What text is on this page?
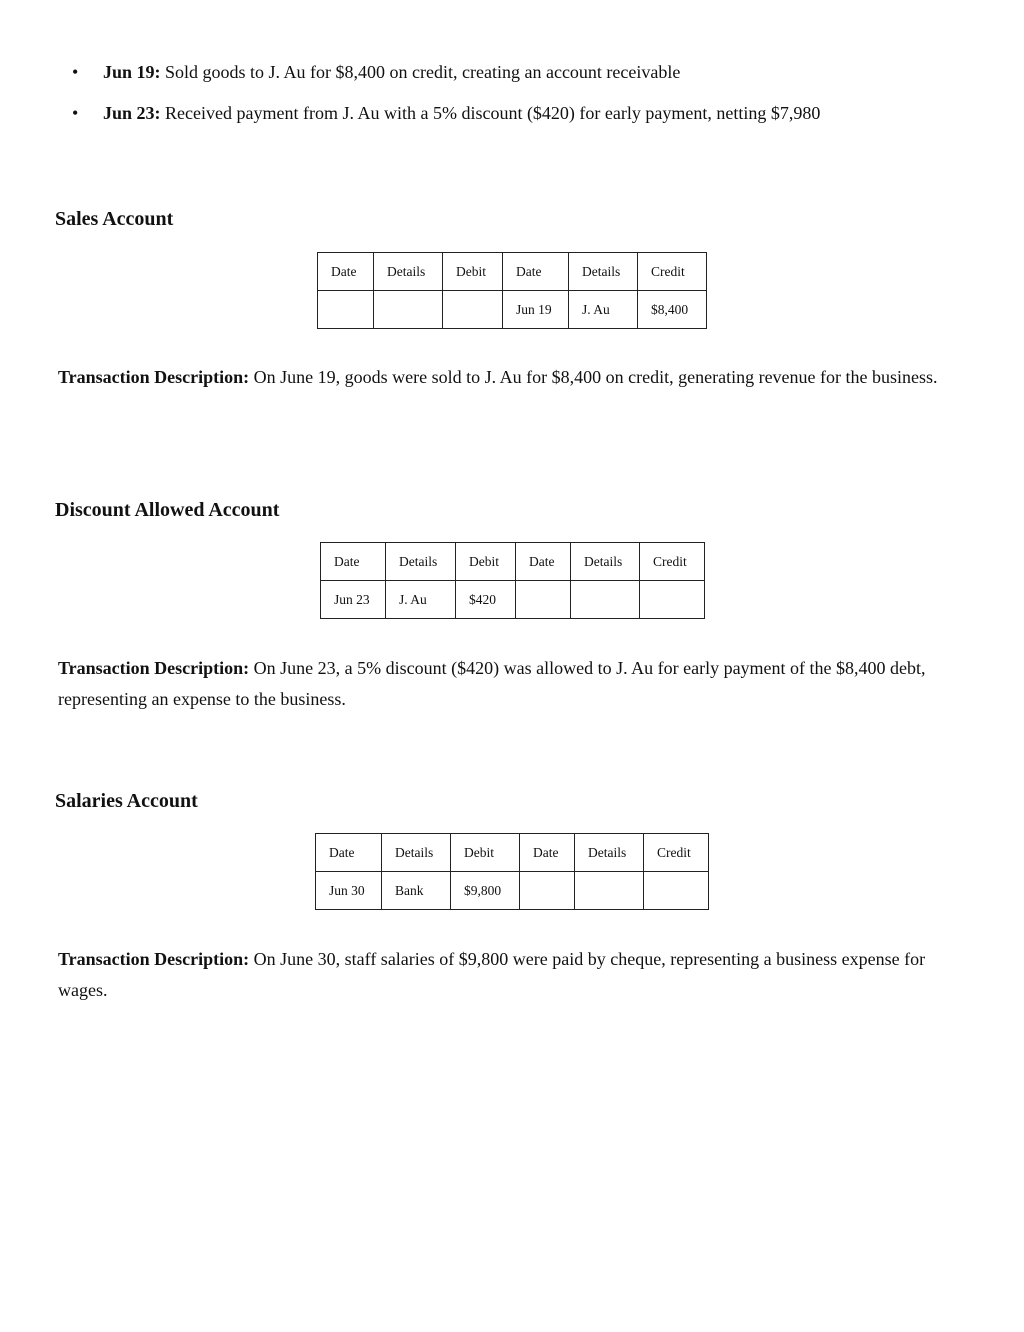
• Jun 19: Sold goods to J. Au for $8,400 on credit, creating an account receivable
• Jun 23: Received payment from J. Au with a 5% discount ($420) for early payment, netting $7,980
Sales Account
Date	Details	Debit	Date	Details	Credit
			Jun 19	J. Au	$8,400

Transaction Description: On June 19, goods were sold to J. Au for $8,400 on credit, generating revenue for the business.

Discount Allowed Account
Date	Details	Debit	Date	Details	Credit
Jun 23	J. Au	$420			

Transaction Description: On June 23, a 5% discount ($420) was allowed to J. Au for early payment of the $8,400 debt, representing an expense to the business.

Salaries Account
Date	Details	Debit	Date	Details	Credit
Jun 30	Bank	$9,800			

Transaction Description: On June 30, staff salaries of $9,800 were paid by cheque, representing a business expense for wages.
